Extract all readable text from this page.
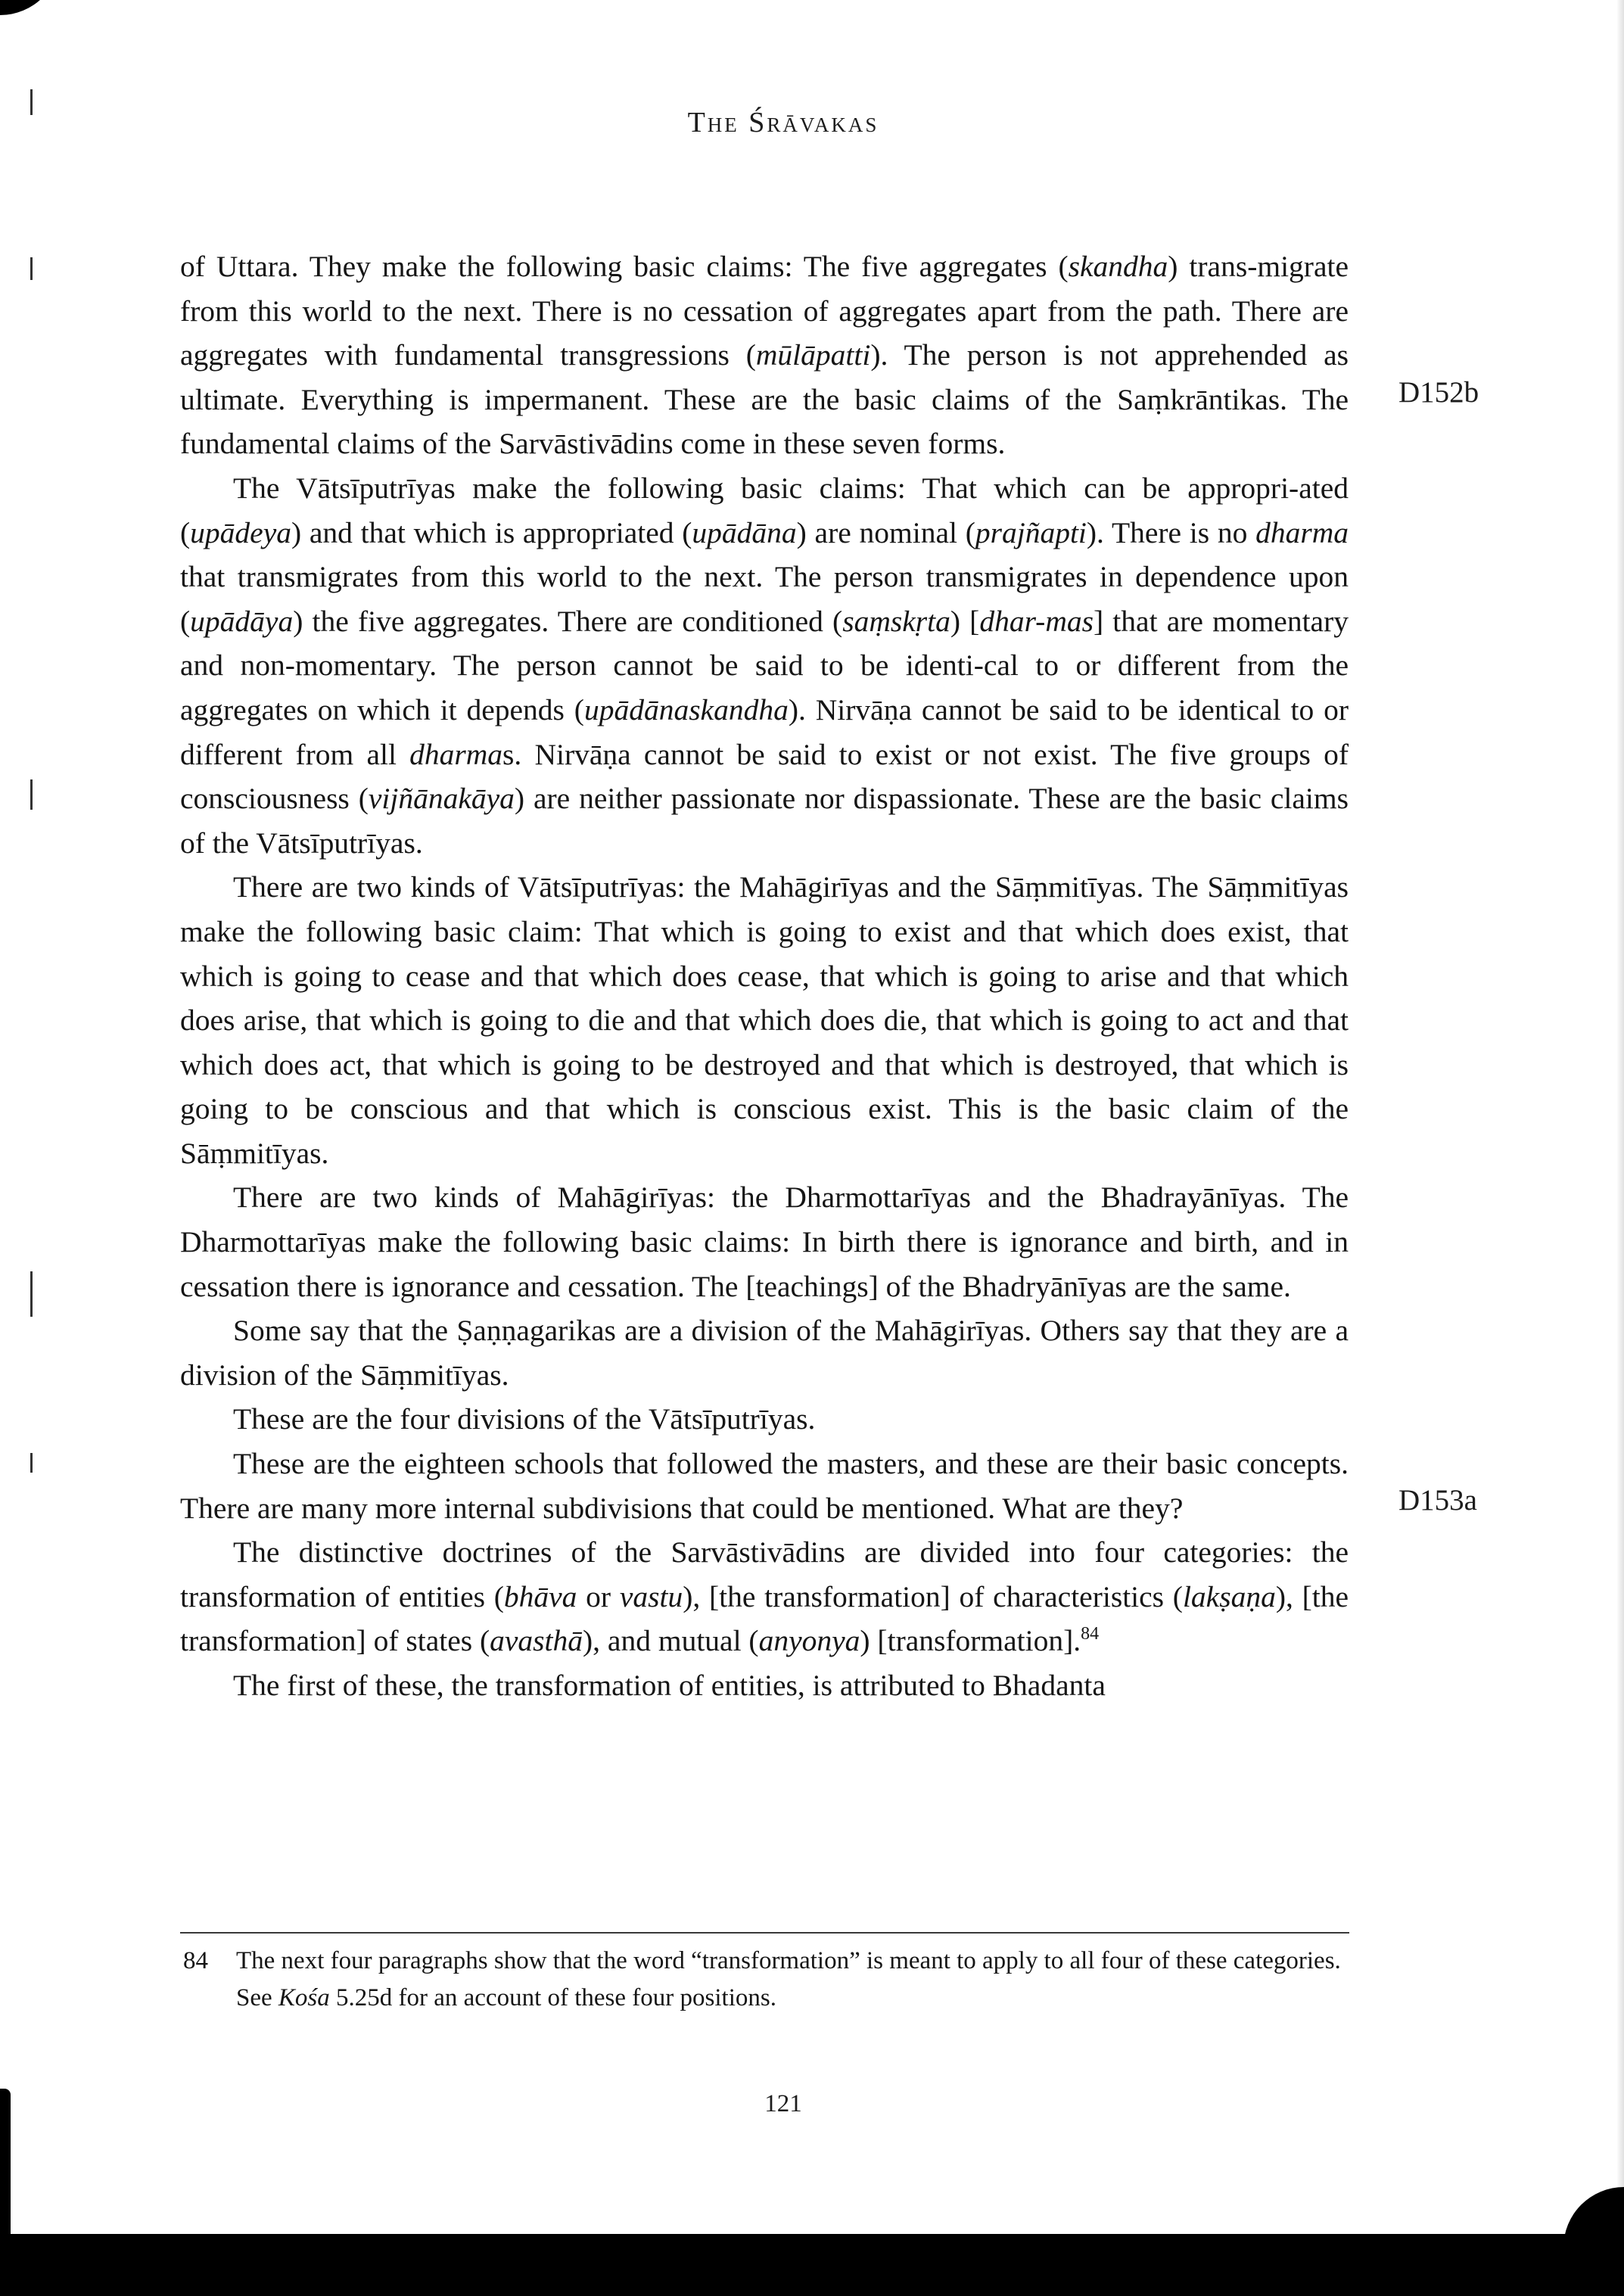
The Śrāvakas

of Uttara. They make the following basic claims: The five aggregates (skandha) trans-migrate from this world to the next. There is no cessation of aggregates apart from the path. There are aggregates with fundamental transgressions (mūlāpatti). The person is not apprehended as ultimate. Everything is impermanent. These are the basic claims of the Saṃkrāntikas. The fundamental claims of the Sarvāstivādins come in these seven forms.

The Vātsīputrīyas make the following basic claims: That which can be appropri-ated (upādeya) and that which is appropriated (upādāna) are nominal (prajñapti). There is no dharma that transmigrates from this world to the next. The person transmigrates in dependence upon (upādāya) the five aggregates. There are conditioned (saṃskṛta) [dhar-mas] that are momentary and non-momentary. The person cannot be said to be identi-cal to or different from the aggregates on which it depends (upādānaskandha). Nirvāṇa cannot be said to be identical to or different from all dharmas. Nirvāṇa cannot be said to exist or not exist. The five groups of consciousness (vijñānakāya) are neither passionate nor dispassionate. These are the basic claims of the Vātsīputrīyas.

There are two kinds of Vātsīputrīyas: the Mahāgirīyas and the Sāṃmitīyas. The Sāṃmitīyas make the following basic claim: That which is going to exist and that which does exist, that which is going to cease and that which does cease, that which is going to arise and that which does arise, that which is going to die and that which does die, that which is going to act and that which does act, that which is going to be destroyed and that which is destroyed, that which is going to be conscious and that which is conscious exist. This is the basic claim of the Sāṃmitīyas.

There are two kinds of Mahāgirīyas: the Dharmottarīyas and the Bhadrayānīyas. The Dharmottarīyas make the following basic claims: In birth there is ignorance and birth, and in cessation there is ignorance and cessation. The [teachings] of the Bhadryānīyas are the same.

Some say that the Ṣaṇṇagarikas are a division of the Mahāgirīyas. Others say that they are a division of the Sāṃmitīyas.

These are the four divisions of the Vātsīputrīyas.

These are the eighteen schools that followed the masters, and these are their basic concepts. There are many more internal subdivisions that could be mentioned. What are they?

The distinctive doctrines of the Sarvāstivādins are divided into four categories: the transformation of entities (bhāva or vastu), [the transformation] of characteristics (lakṣaṇa), [the transformation] of states (avasthā), and mutual (anyonya) [transformation].$^{84}$

The first of these, the transformation of entities, is attributed to Bhadanta

D152b
D153a
84 The next four paragraphs show that the word “transformation” is meant to apply to all four of these categories. See Kośa 5.25d for an account of these four positions.
121
